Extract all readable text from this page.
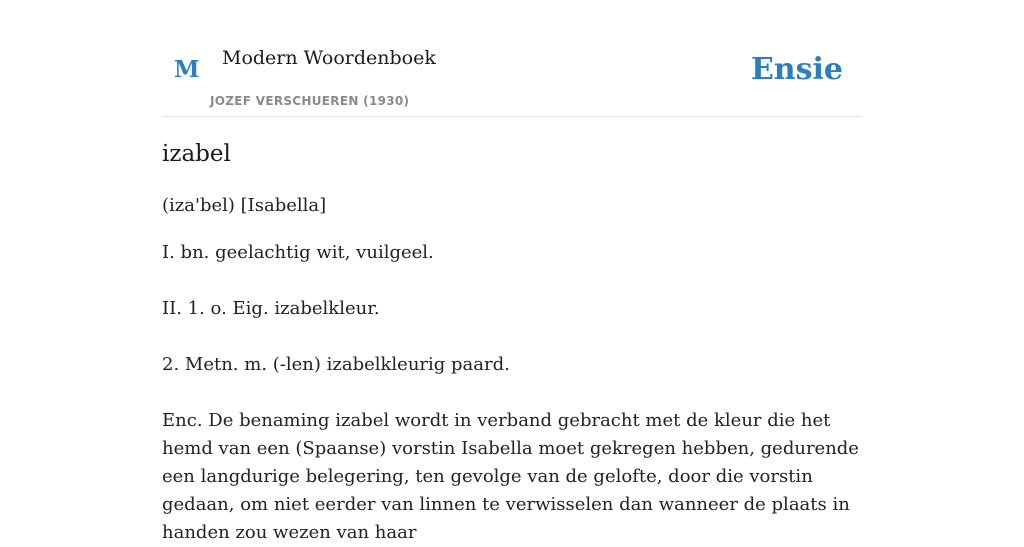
M Modern Woordenboek
JOZEF VERSCHUEREN (1930)
Ensie
izabel

(iza'bel) [Isabella]

I. bn. geelachtig wit, vuilgeel.

II. 1. o. Eig. izabelkleur.

2. Metn. m. (-len) izabelkleurig paard.

Enc. De benaming izabel wordt in verband gebracht met de kleur die het hemd van een (Spaanse) vorstin Isabella moet gekregen hebben, gedurende een langdurige belegering, ten gevolge van de gelofte, door die vorstin gedaan, om niet eerder van linnen te verwisselen dan wanneer de plaats in handen zou wezen van haar
